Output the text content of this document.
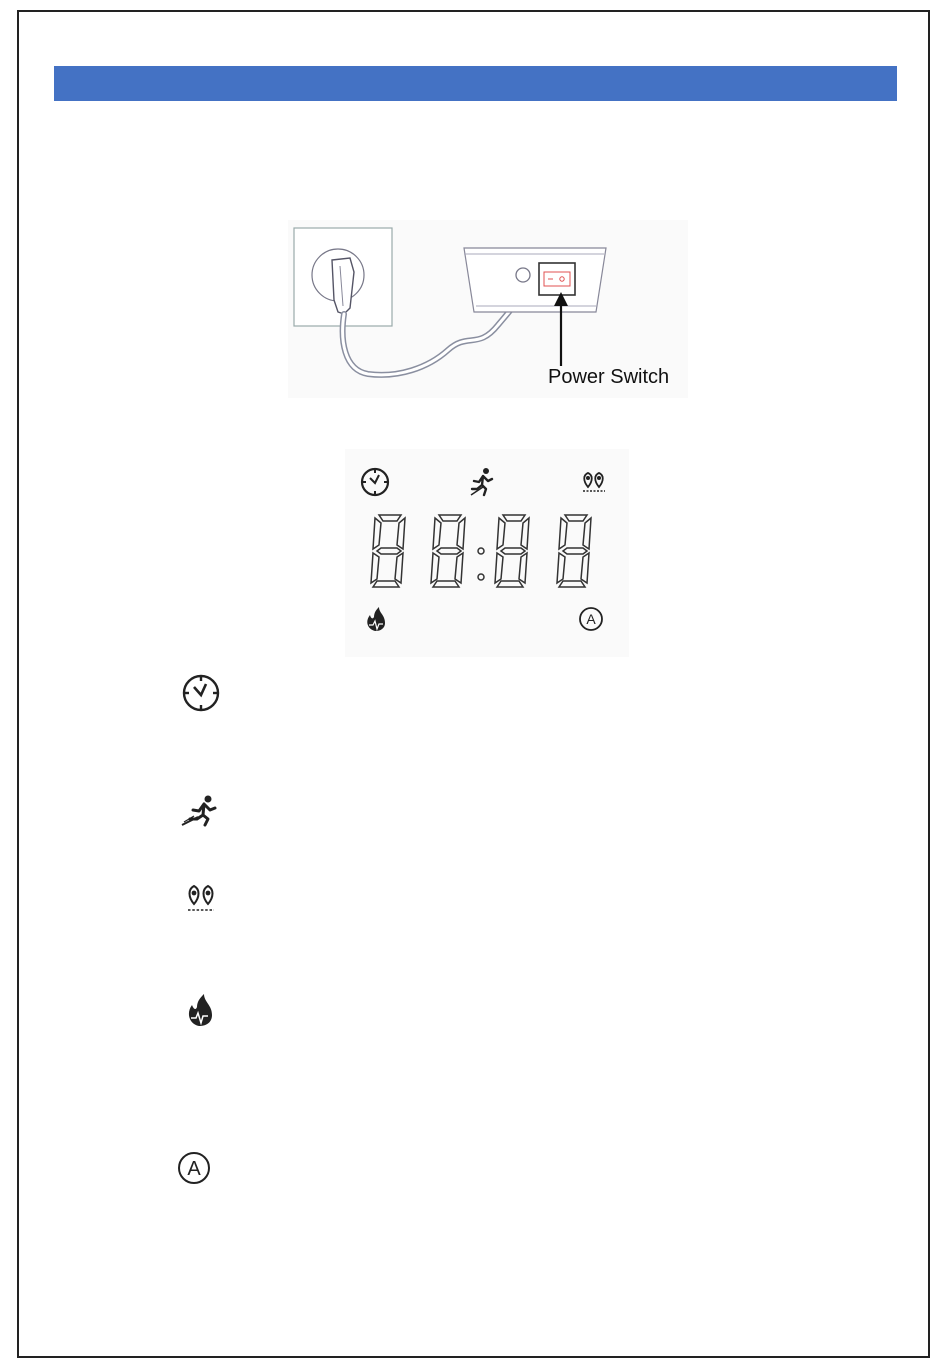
Power Switch
A
A
